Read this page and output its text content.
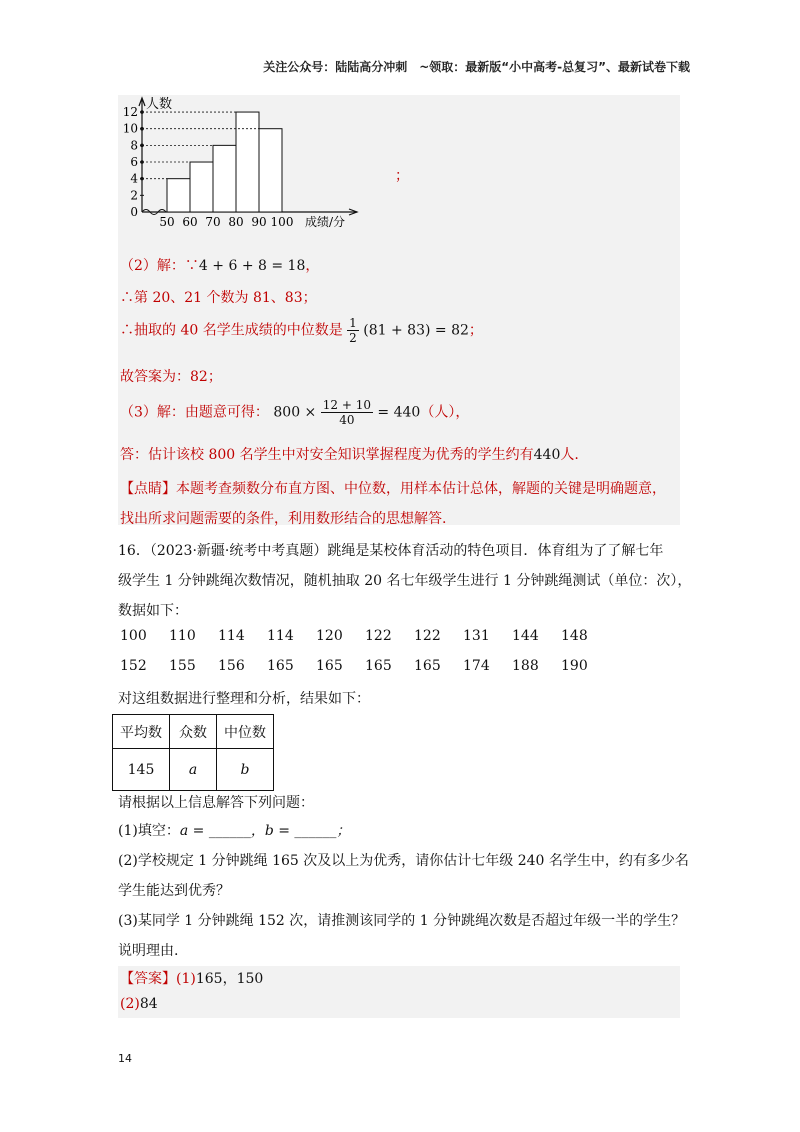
关注公众号：陆陆高分冲刺　~领取：最新版“小中高考-总复习”、最新试卷下载
人数
成绩/分
0
2
4
6
8
10
12
50 60 70 80 90 100
；
（2）解：∵4 + 6 + 8 = 18，
∴第 20、21 个数为 81、83；
∴抽取的 40 名学生成绩的中位数是 $\frac{1}{2} (81 + 83) = 82$；
故答案为：82；
（3）解：由题意可得： $800 \times \frac{12 + 10}{40} = 440$（人），
答：估计该校 800 名学生中对安全知识掌握程度为优秀的学生约有440人.
【点睛】本题考查频数分布直方图、中位数，用样本估计总体，解题的关键是明确题意，
找出所求问题需要的条件，利用数形结合的思想解答.
16．（2023·新疆·统考中考真题）跳绳是某校体育活动的特色项目．体育组为了了解七年
级学生 1 分钟跳绳次数情况，随机抽取 20 名七年级学生进行 1 分钟跳绳测试（单位：次），
数据如下：
100 110 114 114 120 122 122 131 144 148
152 155 156 165 165 165 165 174 188 190
对这组数据进行整理和分析，结果如下：
平均数	众数	中位数
145	a	b
请根据以上信息解答下列问题：
(1)填空：a = ______，b = ______；
(2)学校规定 1 分钟跳绳 165 次及以上为优秀，请你估计七年级 240 名学生中，约有多少名
学生能达到优秀？
(3)某同学 1 分钟跳绳 152 次，请推测该同学的 1 分钟跳绳次数是否超过年级一半的学生？
说明理由.
【答案】(1)165，150
(2)84
14
